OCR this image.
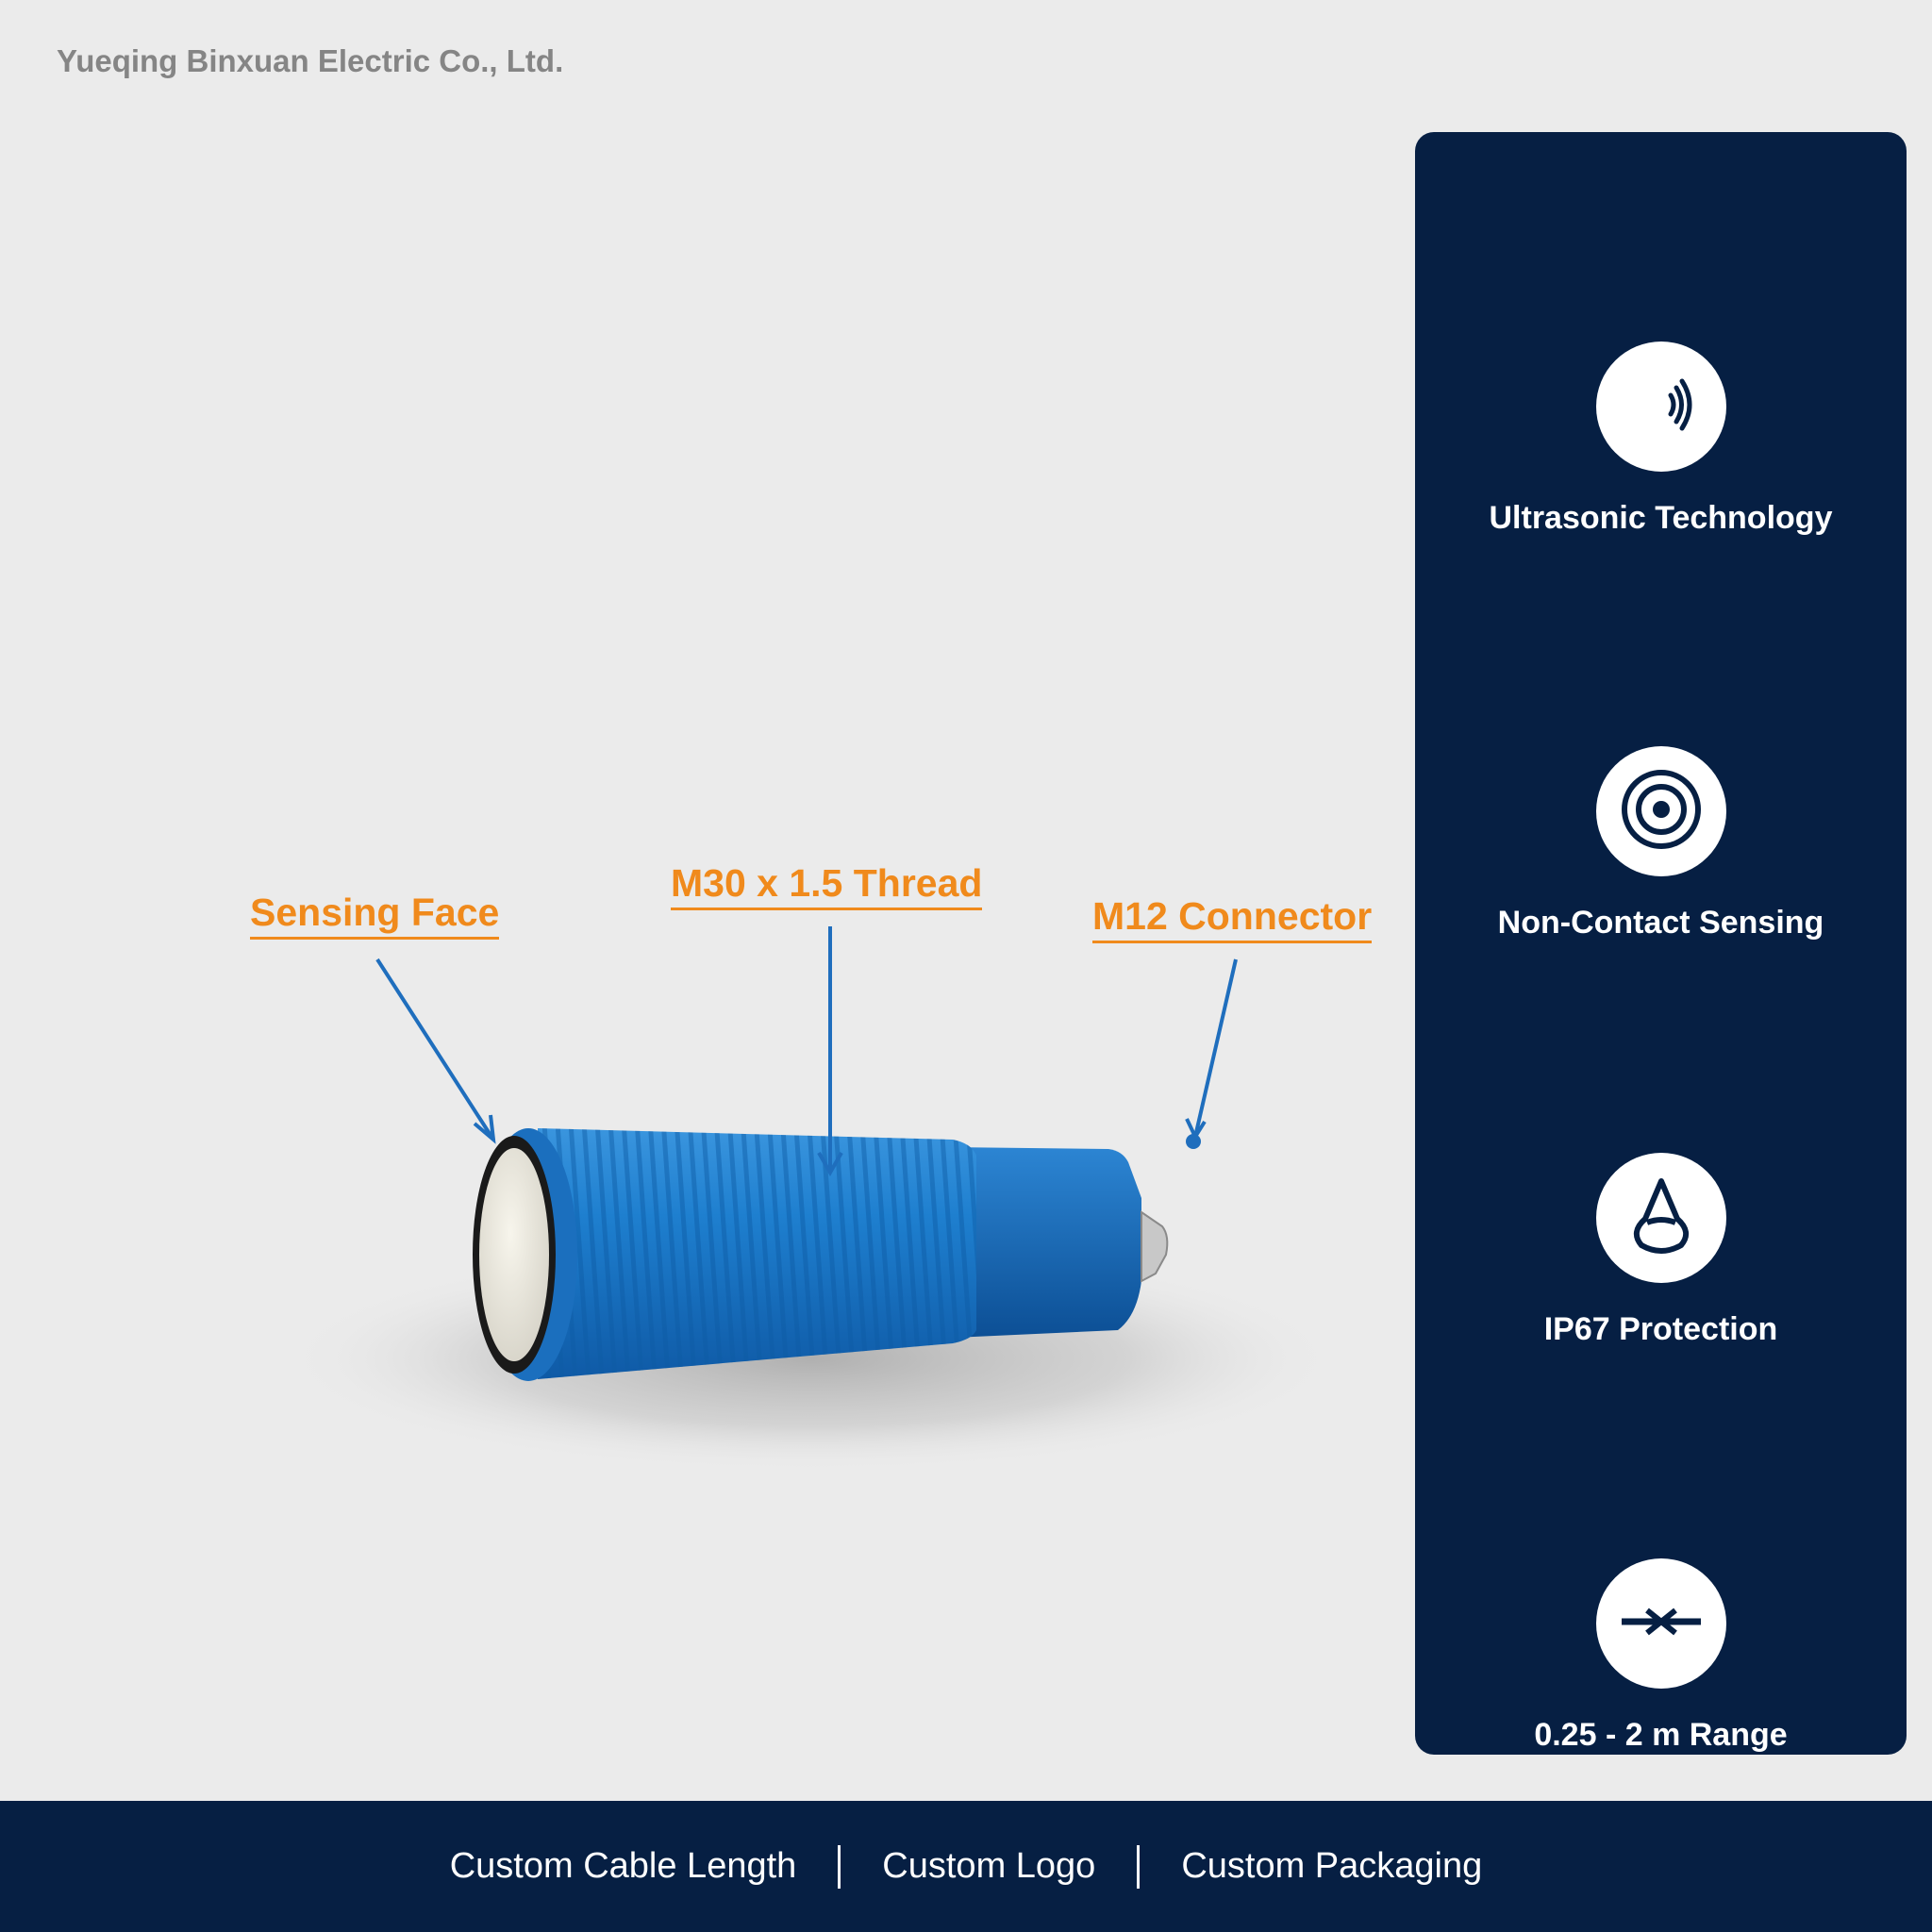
Yueqing Binxuan Electric Co., Ltd.
Sensing Face
M30 x 1.5 Thread
M12 Connector
Ultrasonic Technology
Non-Contact Sensing
IP67 Protection
0.25 - 2 m Range
Custom Cable Length	Custom Logo	Custom Packaging
